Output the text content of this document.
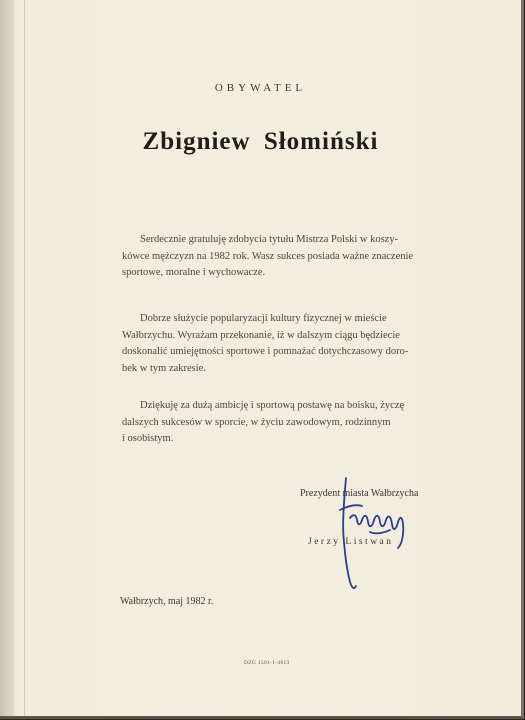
OBYWATEL
Zbigniew Słomiński
Serdecznie gratuluję zdobycia tytułu Mistrza Polski w koszy-
kówce mężczyzn na 1982 rok. Wasz sukces posiada ważne znaczenie
sportowe, moralne i wychowacze.
Dobrze służycie popularyzacji kultury fizycznej w mieście
Wałbrzychu. Wyrażam przekonanie, iż w dalszym ciągu będziecie
doskonalić umiejętności sportowe i pomnażać dotychczasowy doro-
bek w tym zakresie.
Dziękuję za dużą ambicję i sportową postawę na boisku, życzę
dalszych sukcesów w sporcie, w życiu zawodowym, rodzinnym
i osobistym.
Prezydent miasta Wałbrzycha
Jerzy Listwan
Wałbrzych, maj 1982 r.
DZG 1501-1-4613
